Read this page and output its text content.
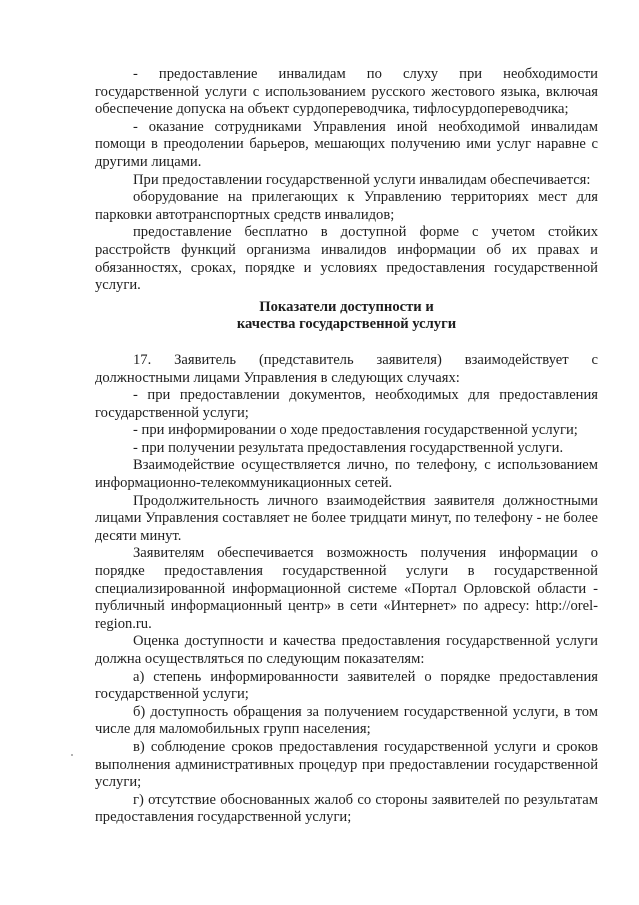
- предоставление инвалидам по слуху при необходимости государственной услуги с использованием русского жестового языка, включая обеспечение допуска на объект сурдопереводчика, тифлосурдопереводчика;

- оказание сотрудниками Управления иной необходимой инвалидам помощи в преодолении барьеров, мешающих получению ими услуг наравне с другими лицами.

При предоставлении государственной услуги инвалидам обеспечивается:

оборудование на прилегающих к Управлению территориях мест для парковки автотранспортных средств инвалидов;

предоставление бесплатно в доступной форме с учетом стойких расстройств функций организма инвалидов информации об их правах и обязанностях, сроках, порядке и условиях предоставления государственной услуги.

Показатели доступности и
качества государственной услуги

17. Заявитель (представитель заявителя) взаимодействует с должностными лицами Управления в следующих случаях:

- при предоставлении документов, необходимых для предоставления государственной услуги;

- при информировании о ходе предоставления государственной услуги;

- при получении результата предоставления государственной услуги.

Взаимодействие осуществляется лично, по телефону, с использованием информационно-телекоммуникационных сетей.

Продолжительность личного взаимодействия заявителя должностными лицами Управления составляет не более тридцати минут, по телефону - не более десяти минут.

Заявителям обеспечивается возможность получения информации о порядке предоставления государственной услуги в государственной специализированной информационной системе «Портал Орловской области - публичный информационный центр» в сети «Интернет» по адресу: http://orel-region.ru.

Оценка доступности и качества предоставления государственной услуги должна осуществляться по следующим показателям:

а) степень информированности заявителей о порядке предоставления государственной услуги;

б) доступность обращения за получением государственной услуги, в том числе для маломобильных групп населения;

в) соблюдение сроков предоставления государственной услуги и сроков выполнения административных процедур при предоставлении государственной услуги;

г) отсутствие обоснованных жалоб со стороны заявителей по результатам предоставления государственной услуги;
